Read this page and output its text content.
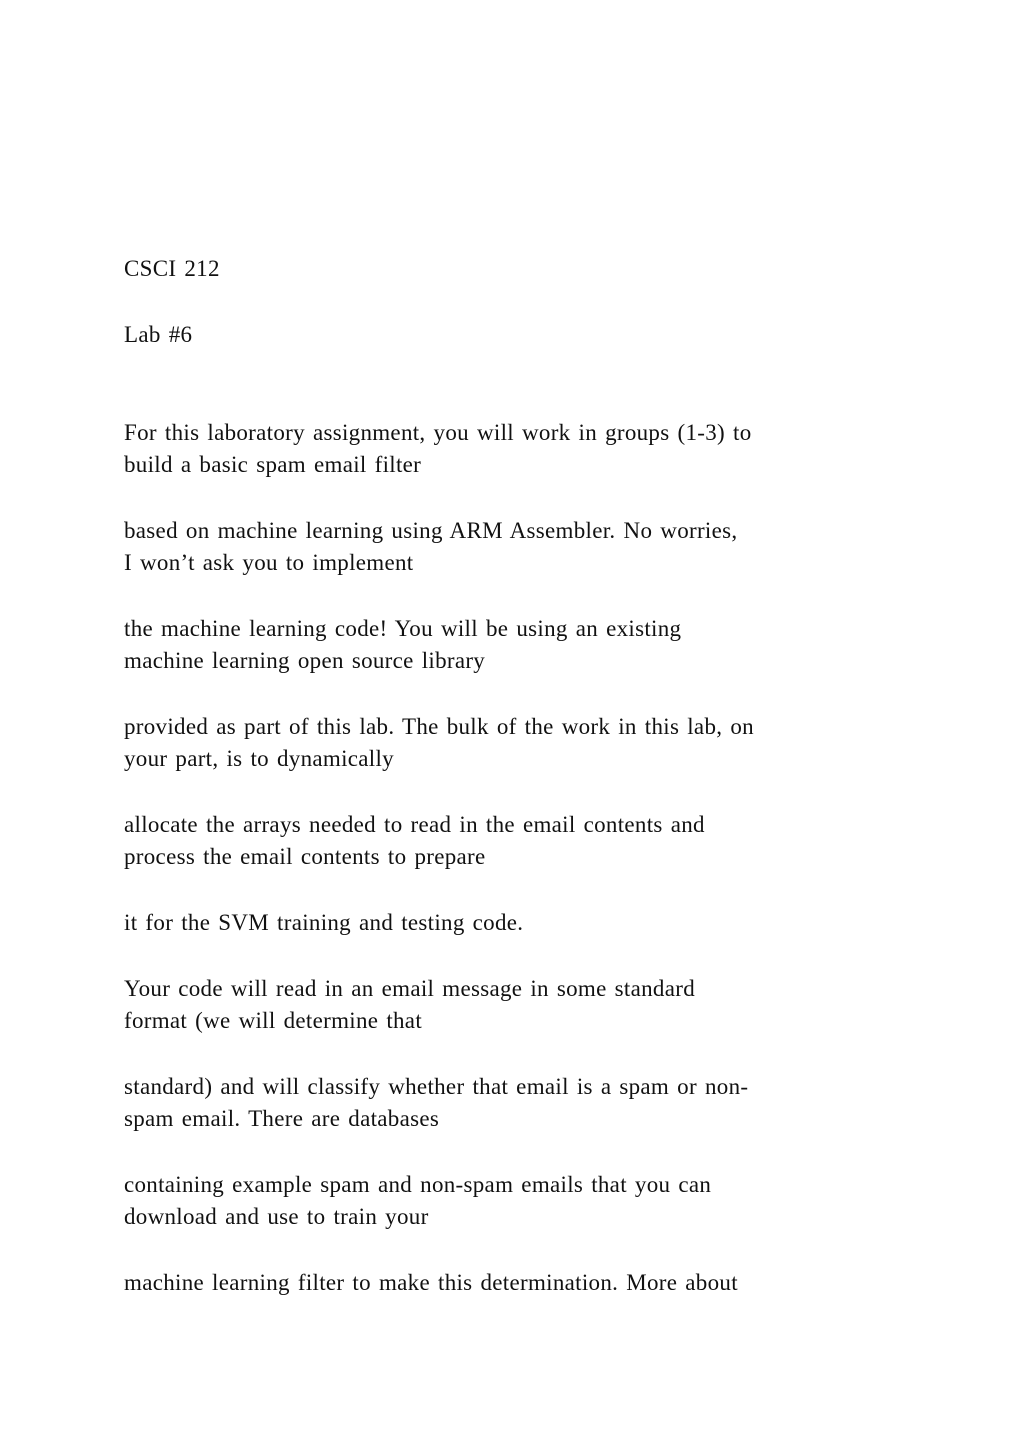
CSCI 212
Lab #6
For this laboratory assignment, you will work in groups (1-3) to
build a basic spam email filter
based on machine learning using ARM Assembler. No worries,
I won’t ask you to implement
the machine learning code! You will be using an existing
machine learning open source library
provided as part of this lab. The bulk of the work in this lab, on
your part, is to dynamically
allocate the arrays needed to read in the email contents and
process the email contents to prepare
it for the SVM training and testing code.
Your code will read in an email message in some standard
format (we will determine that
standard) and will classify whether that email is a spam or non-
spam email. There are databases
containing example spam and non-spam emails that you can
download and use to train your
machine learning filter to make this determination. More about
